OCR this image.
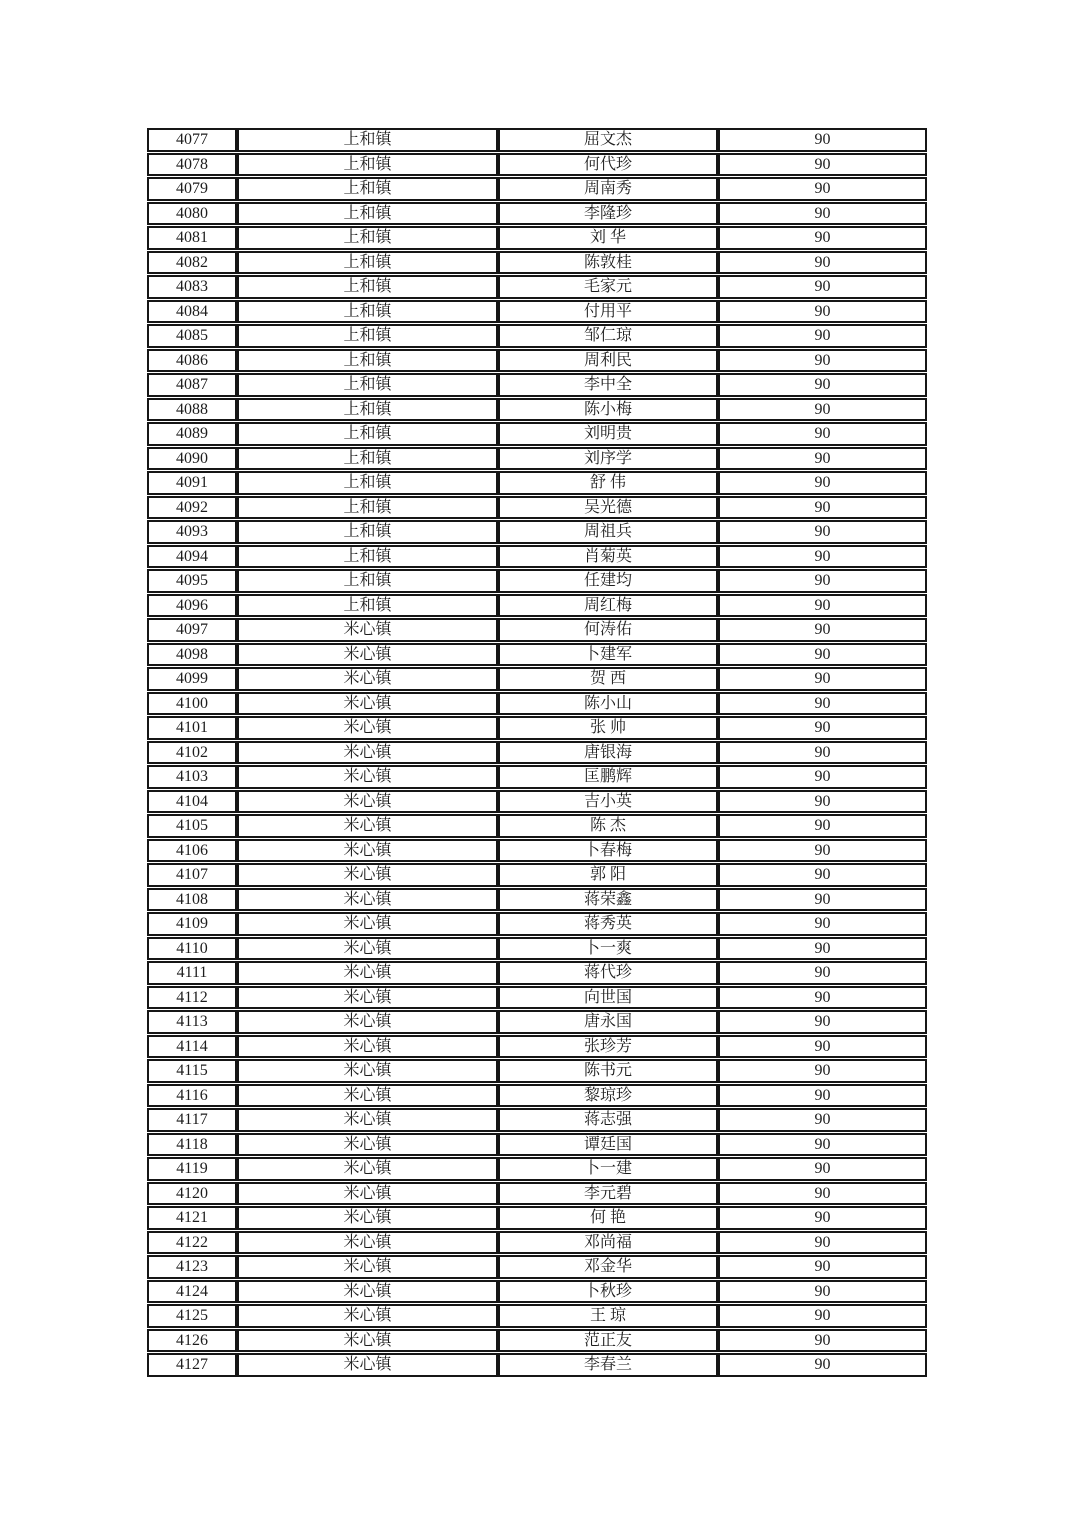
4077	上和镇	屈文杰	90
4078	上和镇	何代珍	90
4079	上和镇	周南秀	90
4080	上和镇	李隆珍	90
4081	上和镇	刘 华	90
4082	上和镇	陈敦桂	90
4083	上和镇	毛家元	90
4084	上和镇	付用平	90
4085	上和镇	邹仁琼	90
4086	上和镇	周利民	90
4087	上和镇	李中全	90
4088	上和镇	陈小梅	90
4089	上和镇	刘明贵	90
4090	上和镇	刘序学	90
4091	上和镇	舒 伟	90
4092	上和镇	吴光德	90
4093	上和镇	周祖兵	90
4094	上和镇	肖菊英	90
4095	上和镇	任建均	90
4096	上和镇	周红梅	90
4097	米心镇	何涛佑	90
4098	米心镇	卜建军	90
4099	米心镇	贺 西	90
4100	米心镇	陈小山	90
4101	米心镇	张 帅	90
4102	米心镇	唐银海	90
4103	米心镇	匡鹏辉	90
4104	米心镇	吉小英	90
4105	米心镇	陈 杰	90
4106	米心镇	卜春梅	90
4107	米心镇	郭 阳	90
4108	米心镇	蒋荣鑫	90
4109	米心镇	蒋秀英	90
4110	米心镇	卜一爽	90
4111	米心镇	蒋代珍	90
4112	米心镇	向世国	90
4113	米心镇	唐永国	90
4114	米心镇	张珍芳	90
4115	米心镇	陈书元	90
4116	米心镇	黎琼珍	90
4117	米心镇	蒋志强	90
4118	米心镇	谭廷国	90
4119	米心镇	卜一建	90
4120	米心镇	李元碧	90
4121	米心镇	何 艳	90
4122	米心镇	邓尚福	90
4123	米心镇	邓金华	90
4124	米心镇	卜秋珍	90
4125	米心镇	王 琼	90
4126	米心镇	范正友	90
4127	米心镇	李春兰	90
